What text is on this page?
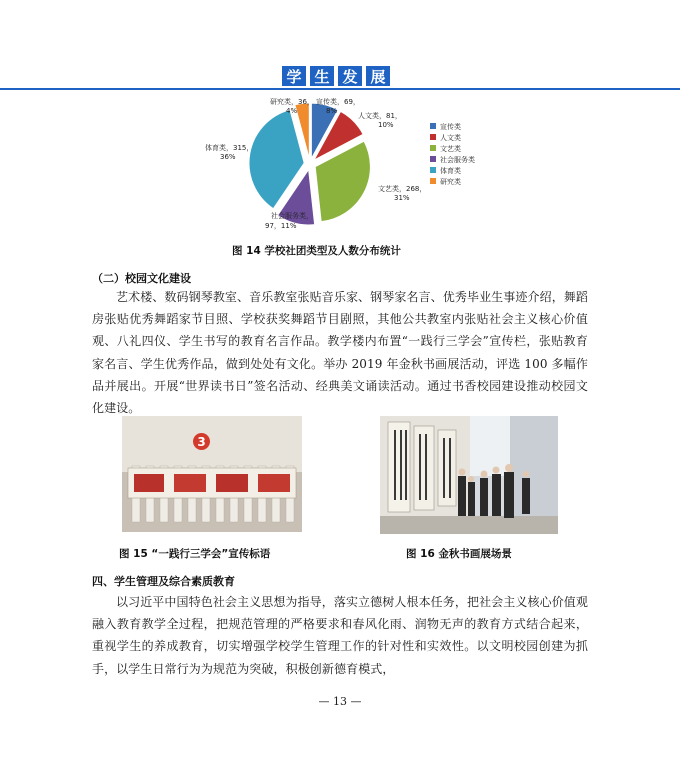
学 生 发 展
研究类，36，
4%
宣传类，69，
8%
人文类，81，
10%
体育类，315，
36%
文艺类，268，
31%
社会服务类，
97，11%
宣传类
人文类
文艺类
社会服务类
体育类
研究类
图 14 学校社团类型及人数分布统计
（二）校园文化建设

艺术楼、数码钢琴教室、音乐教室张贴音乐家、钢琴家名言、优秀毕业生事迹介绍，舞蹈房张贴优秀舞蹈家节目照、学校获奖舞蹈节目剧照，其他公共教室内张贴社会主义核心价值观、八礼四仪、学生书写的教育名言作品。教学楼内布置“一践行三学会”宣传栏，张贴教育家名言、学生优秀作品，做到处处有文化。举办 2019 年金秋书画展活动，评选 100 多幅作品并展出。开展“世界读书日”签名活动、经典美文诵读活动。通过书香校园建设推动校园文化建设。

3
图 15 “一践行三学会”宣传标语	图 16 金秋书画展场景
四、学生管理及综合素质教育

以习近平中国特色社会主义思想为指导，落实立德树人根本任务，把社会主义核心价值观融入教育教学全过程，把规范管理的严格要求和春风化雨、润物无声的教育方式结合起来，重视学生的养成教育，切实增强学校学生管理工作的针对性和实效性。以文明校园创建为抓手，以学生日常行为为规范为突破，积极创新德育模式，

— 13 —
